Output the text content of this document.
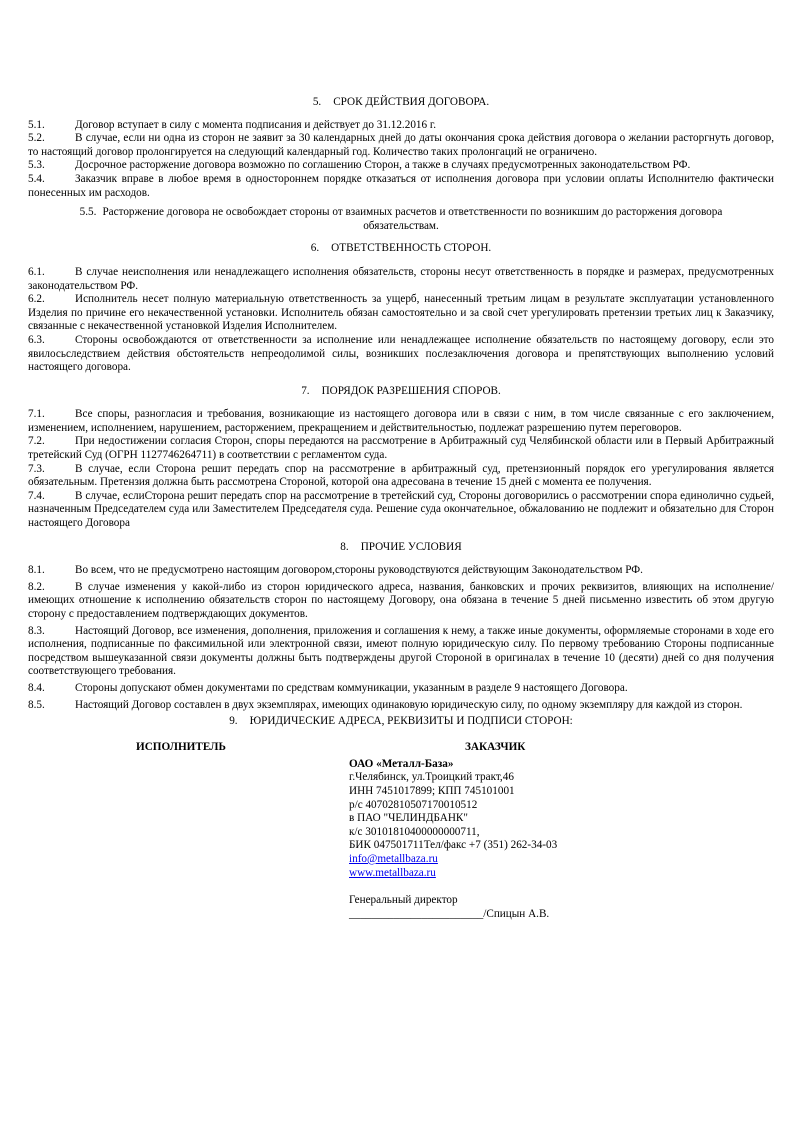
5. СРОК ДЕЙСТВИЯ ДОГОВОРА.

5.1.	Договор вступает в силу с момента подписания и действует до 31.12.2016 г.

5.2.	В случае, если ни одна из сторон не заявит за 30 календарных дней до даты окончания срока действия договора о желании расторгнуть договор, то настоящий договор пролонгируется на следующий календарный год. Количество таких пролонгаций не ограничено.

5.3.	Досрочное расторжение договора возможно по соглашению Сторон, а также в случаях предусмотренных законодательством РФ.

5.4.	Заказчик вправе в любое время в одностороннем порядке отказаться от исполнения договора при условии оплаты Исполнителю фактически понесенных им расходов.

5.5. Расторжение договора не освобождает стороны от взаимных расчетов и ответственности по возникшим до расторжения договора обязательствам.

6. ОТВЕТСТВЕННОСТЬ СТОРОН.

6.1.	В случае неисполнения или ненадлежащего исполнения обязательств, стороны несут ответственность в порядке и размерах, предусмотренных законодательством РФ.

6.2.	Исполнитель несет полную материальную ответственность за ущерб, нанесенный третьим лицам в результате эксплуатации установленного Изделия по причине его некачественной установки. Исполнитель обязан самостоятельно и за свой счет урегулировать претензии третьих лиц к Заказчику, связанные с некачественной установкой Изделия Исполнителем.

6.3.	Стороны освобождаются от ответственности за исполнение или ненадлежащее исполнение обязательств по настоящему договору, если это явилосьследствием действия обстоятельств непреодолимой силы, возникших послезаключения договора и препятствующих выполнению условий настоящего договора.

7. ПОРЯДОК РАЗРЕШЕНИЯ СПОРОВ.

7.1.	Все споры, разногласия и требования, возникающие из настоящего договора или в связи с ним, в том числе связанные с его заключением, изменением, исполнением, нарушением, расторжением, прекращением и действительностью, подлежат разрешению путем переговоров.

7.2.	При недостижении согласия Сторон, споры передаются на рассмотрение в Арбитражный суд Челябинской области или в Первый Арбитражный третейский Суд (ОГРН 1127746264711) в соответствии с регламентом суда.

7.3.	В случае, если Сторона решит передать спор на рассмотрение в арбитражный суд, претензионный порядок его урегулирования является обязательным. Претензия должна быть рассмотрена Стороной, которой она адресована в течение 15 дней с момента ее получения.

7.4.	В случае, еслиСторона решит передать спор на рассмотрение в третейский суд, Стороны договорились о рассмотрении спора единолично судьей, назначенным Председателем суда или Заместителем Председателя суда. Решение суда окончательное, обжалованию не подлежит и обязательно для Сторон настоящего Договора

8. ПРОЧИЕ УСЛОВИЯ

8.1.	Во всем, что не предусмотрено настоящим договором,стороны руководствуются действующим Законодательством РФ.

8.2.	В случае изменения у какой-либо из сторон юридического адреса, названия, банковских и прочих реквизитов, влияющих на исполнение/имеющих отношение к исполнению обязательств сторон по настоящему Договору, она обязана в течение 5 дней письменно известить об этом другую сторону с предоставлением подтверждающих документов.

8.3.	Настоящий Договор, все изменения, дополнения, приложения и соглашения к нему, а также иные документы, оформляемые сторонами в ходе его исполнения, подписанные по факсимильной или электронной связи, имеют полную юридическую силу. По первому требованию Стороны подписанные посредством вышеуказанной связи документы должны быть подтверждены другой Стороной в оригиналах в течение 10 (десяти) дней со дня получения соответствующего требования.

8.4.	Стороны допускают обмен документами по средствам коммуникации, указанным в разделе 9 настоящего Договора.

8.5.	Настоящий Договор составлен в двух экземплярах, имеющих одинаковую юридическую силу, по одному экземпляру для каждой из сторон.

9. ЮРИДИЧЕСКИЕ АДРЕСА, РЕКВИЗИТЫ И ПОДПИСИ СТОРОН:

ИСПОЛНИТЕЛЬ	ЗАКАЗЧИК
ОАО «Металл-База»
г.Челябинск, ул.Троицкий тракт,46
ИНН 7451017899; КПП 745101001
р/с 40702810507170010512
в ПАО "ЧЕЛИНДБАНК"
к/с 30101810400000000711,
БИК 047501711Тел/факс +7 (351) 262-34-03
info@metallbaza.ru
www.metallbaza.ru
Генеральный директор
________________________/Спицын А.В.
